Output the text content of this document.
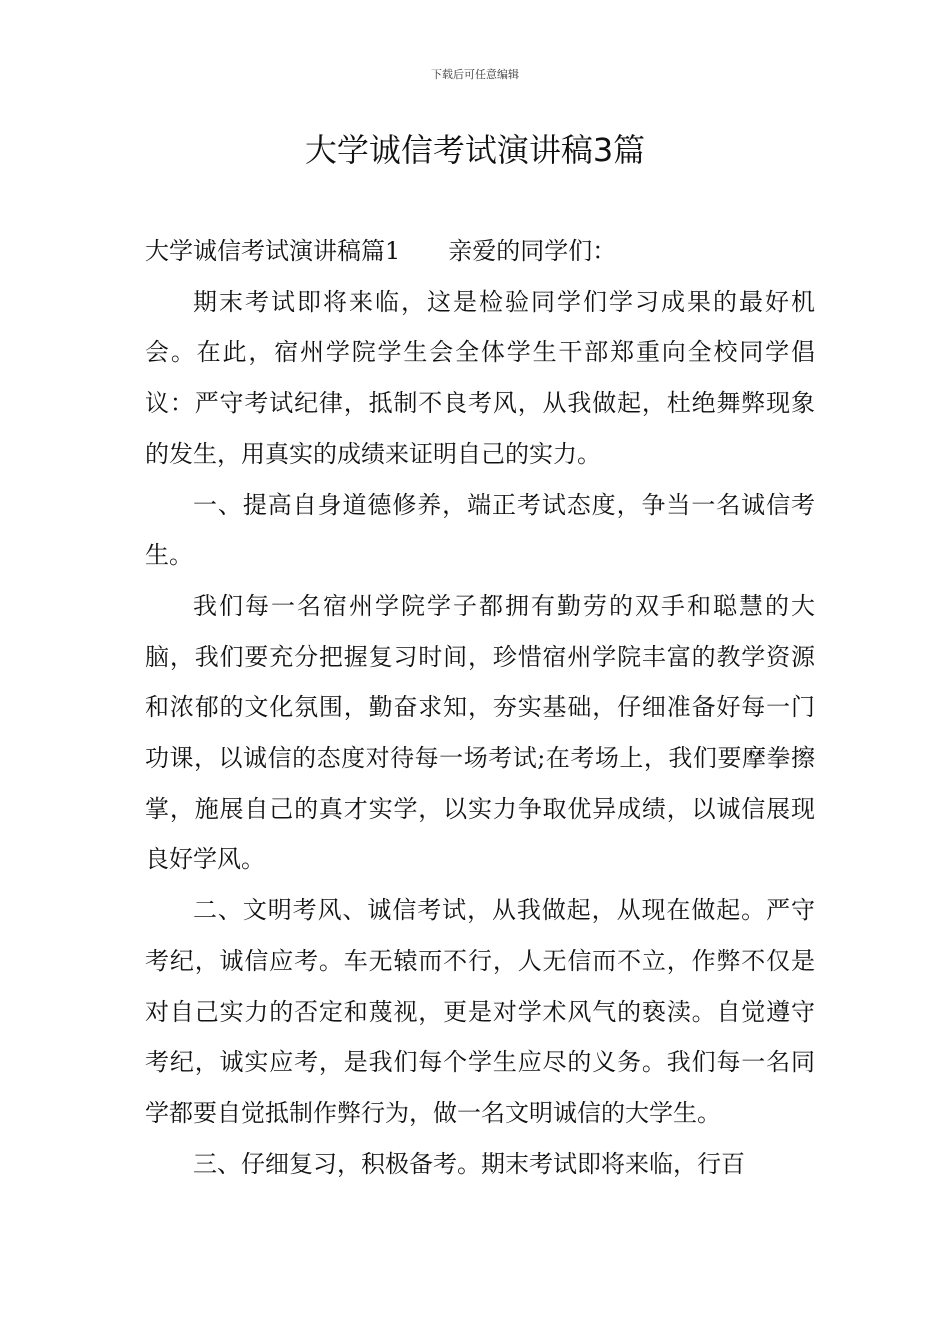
下载后可任意编辑
大学诚信考试演讲稿3篇

大学诚信考试演讲稿篇1 亲爱的同学们：

期末考试即将来临，这是检验同学们学习成果的最好机会。在此，宿州学院学生会全体学生干部郑重向全校同学倡议：严守考试纪律，抵制不良考风，从我做起，杜绝舞弊现象的发生，用真实的成绩来证明自己的实力。

一、提高自身道德修养，端正考试态度，争当一名诚信考生。

我们每一名宿州学院学子都拥有勤劳的双手和聪慧的大脑，我们要充分把握复习时间，珍惜宿州学院丰富的教学资源和浓郁的文化氛围，勤奋求知，夯实基础，仔细准备好每一门功课，以诚信的态度对待每一场考试;在考场上，我们要摩拳擦掌，施展自己的真才实学，以实力争取优异成绩，以诚信展现良好学风。

二、文明考风、诚信考试，从我做起，从现在做起。严守考纪，诚信应考。车无辕而不行，人无信而不立，作弊不仅是对自己实力的否定和蔑视，更是对学术风气的亵渎。自觉遵守考纪，诚实应考，是我们每个学生应尽的义务。我们每一名同学都要自觉抵制作弊行为，做一名文明诚信的大学生。

三、仔细复习，积极备考。期末考试即将来临，行百
